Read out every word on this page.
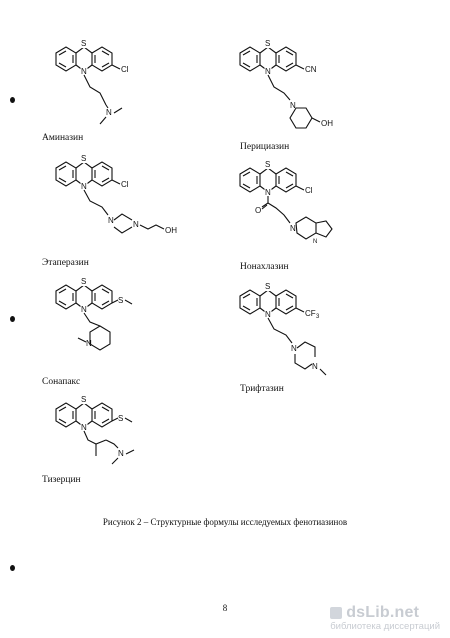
S
N	Cl
N
Аминазин
S
N	CN
N
OH
Перициазин
S
N	Cl
N N
OH
Этаперазин
S
N	Cl
O
N
N
Нонахлазин
S
N
S
N
Сонапакс
S
N	CF 3
N
N
Трифтазин
S
N
S
N
Тизерцин
Рисунок 2 – Структурные формулы исследуемых фенотиазинов
8	dsLib.net
библиотека диссертаций
